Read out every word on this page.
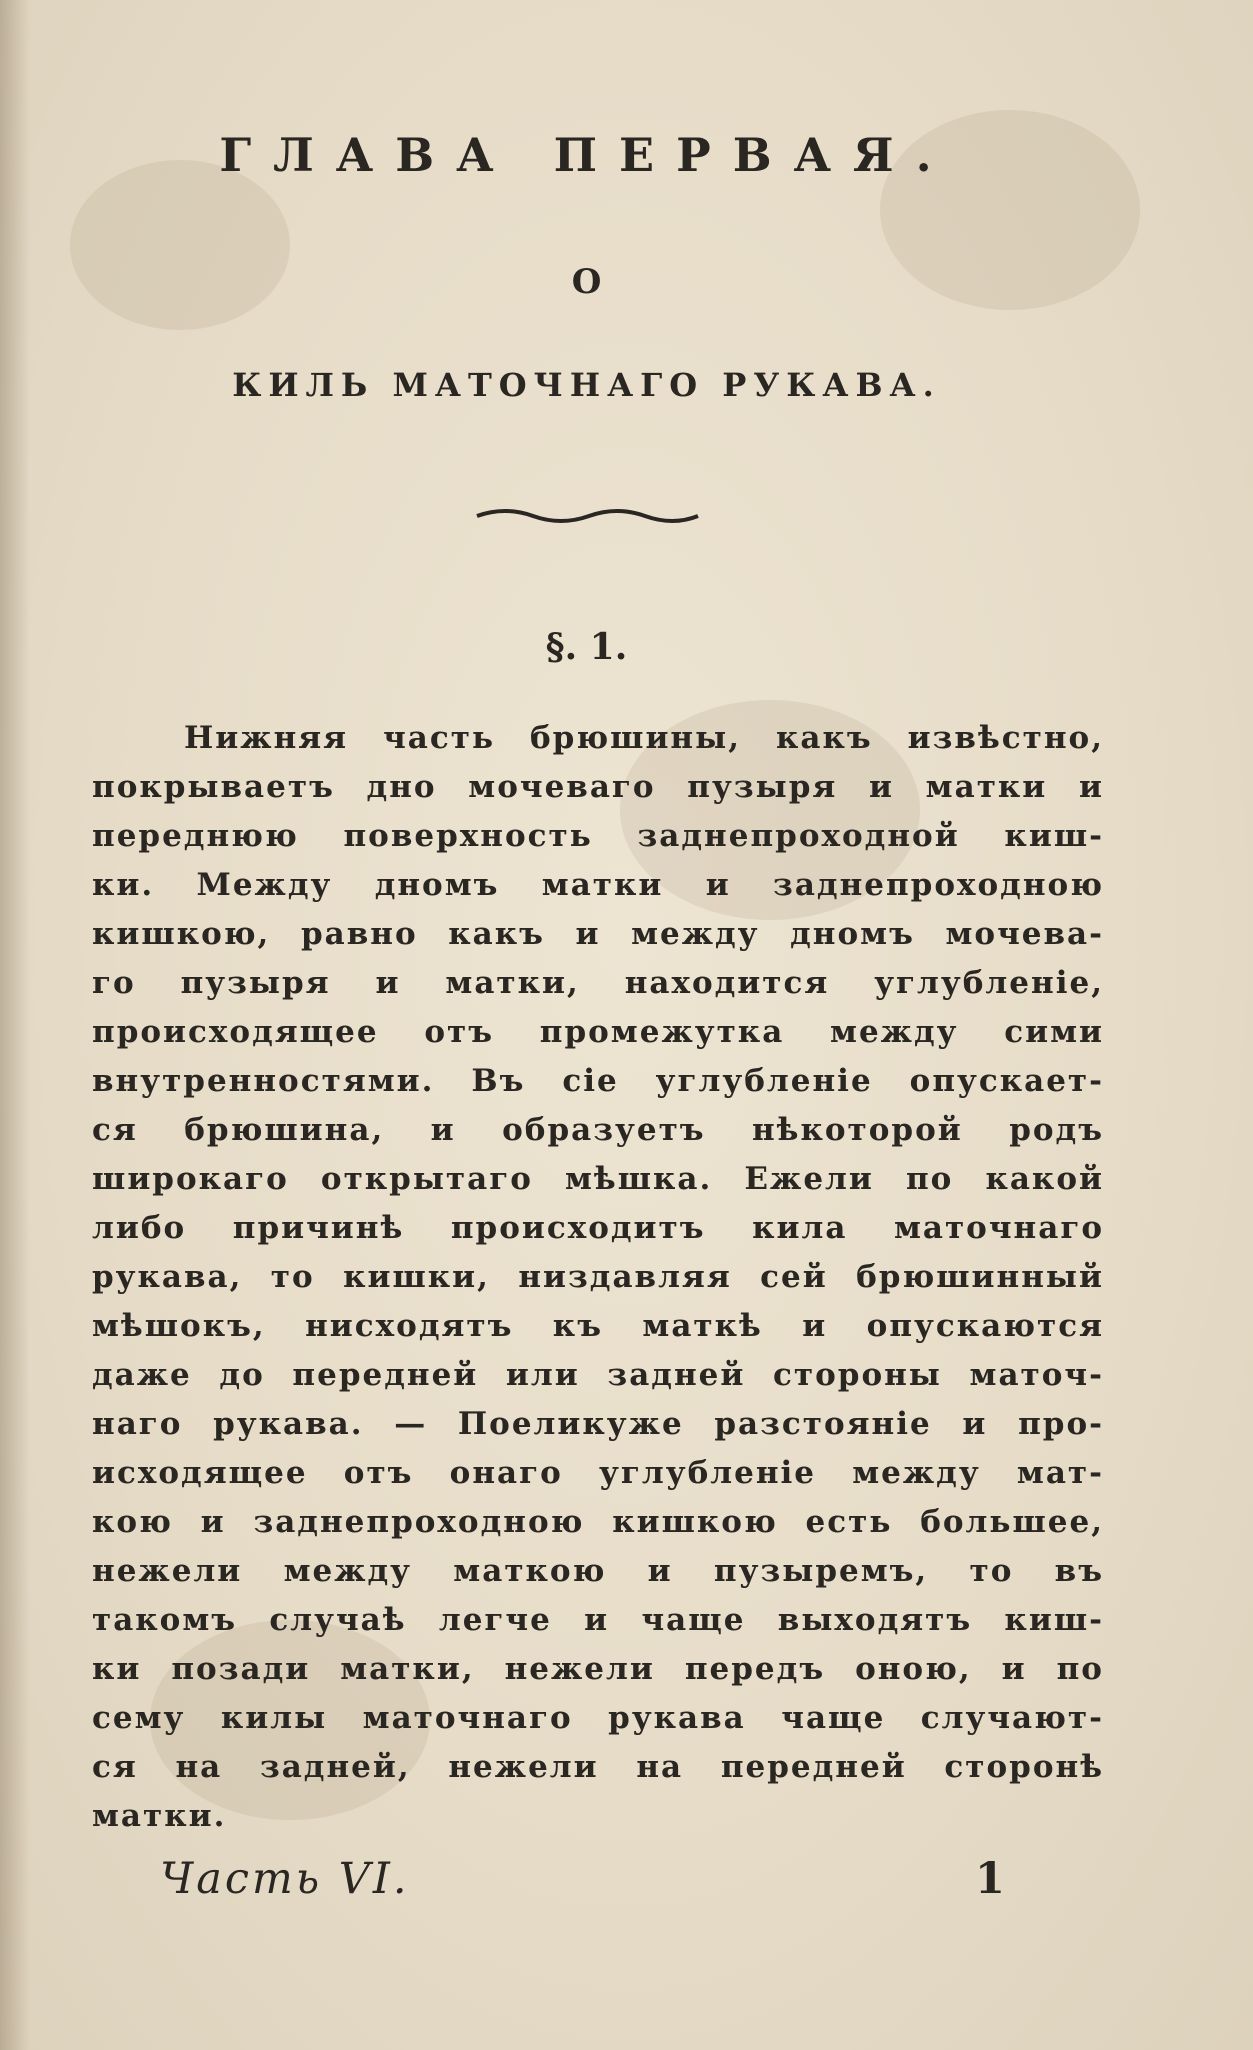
ГЛАВА ПЕРВАЯ.
О
КИЛЬ МАТОЧНАГО РУКАВА.
§. 1.
Нижняя часть брюшины, какъ извѣстно,
покрываетъ дно мочеваго пузыря и матки и
переднюю поверхность заднепроходной киш-
ки. Между дномъ матки и заднепроходною
кишкою, равно какъ и между дномъ мочева-
го пузыря и матки, находится углубленіе,
происходящее отъ промежутка между сими
внутренностями. Въ сіе углубленіе опускает-
ся брюшина, и образуетъ нѣкоторой родъ
широкаго открытаго мѣшка. Ежели по какой
либо причинѣ происходитъ кила маточнаго
рукава, то кишки, низдавляя сей брюшинный
мѣшокъ, нисходятъ къ маткѣ и опускаются
даже до передней или задней стороны маточ-
наго рукава. — Поеликуже разстояніе и про-
исходящее отъ онаго углубленіе между мат-
кою и заднепроходною кишкою есть большее,
нежели между маткою и пузыремъ, то въ
такомъ случаѣ легче и чаще выходятъ киш-
ки позади матки, нежели передъ оною, и по
сему килы маточнаго рукава чаще случают-
ся на задней, нежели на передней сторонѣ
матки.
Часть VI.	1
